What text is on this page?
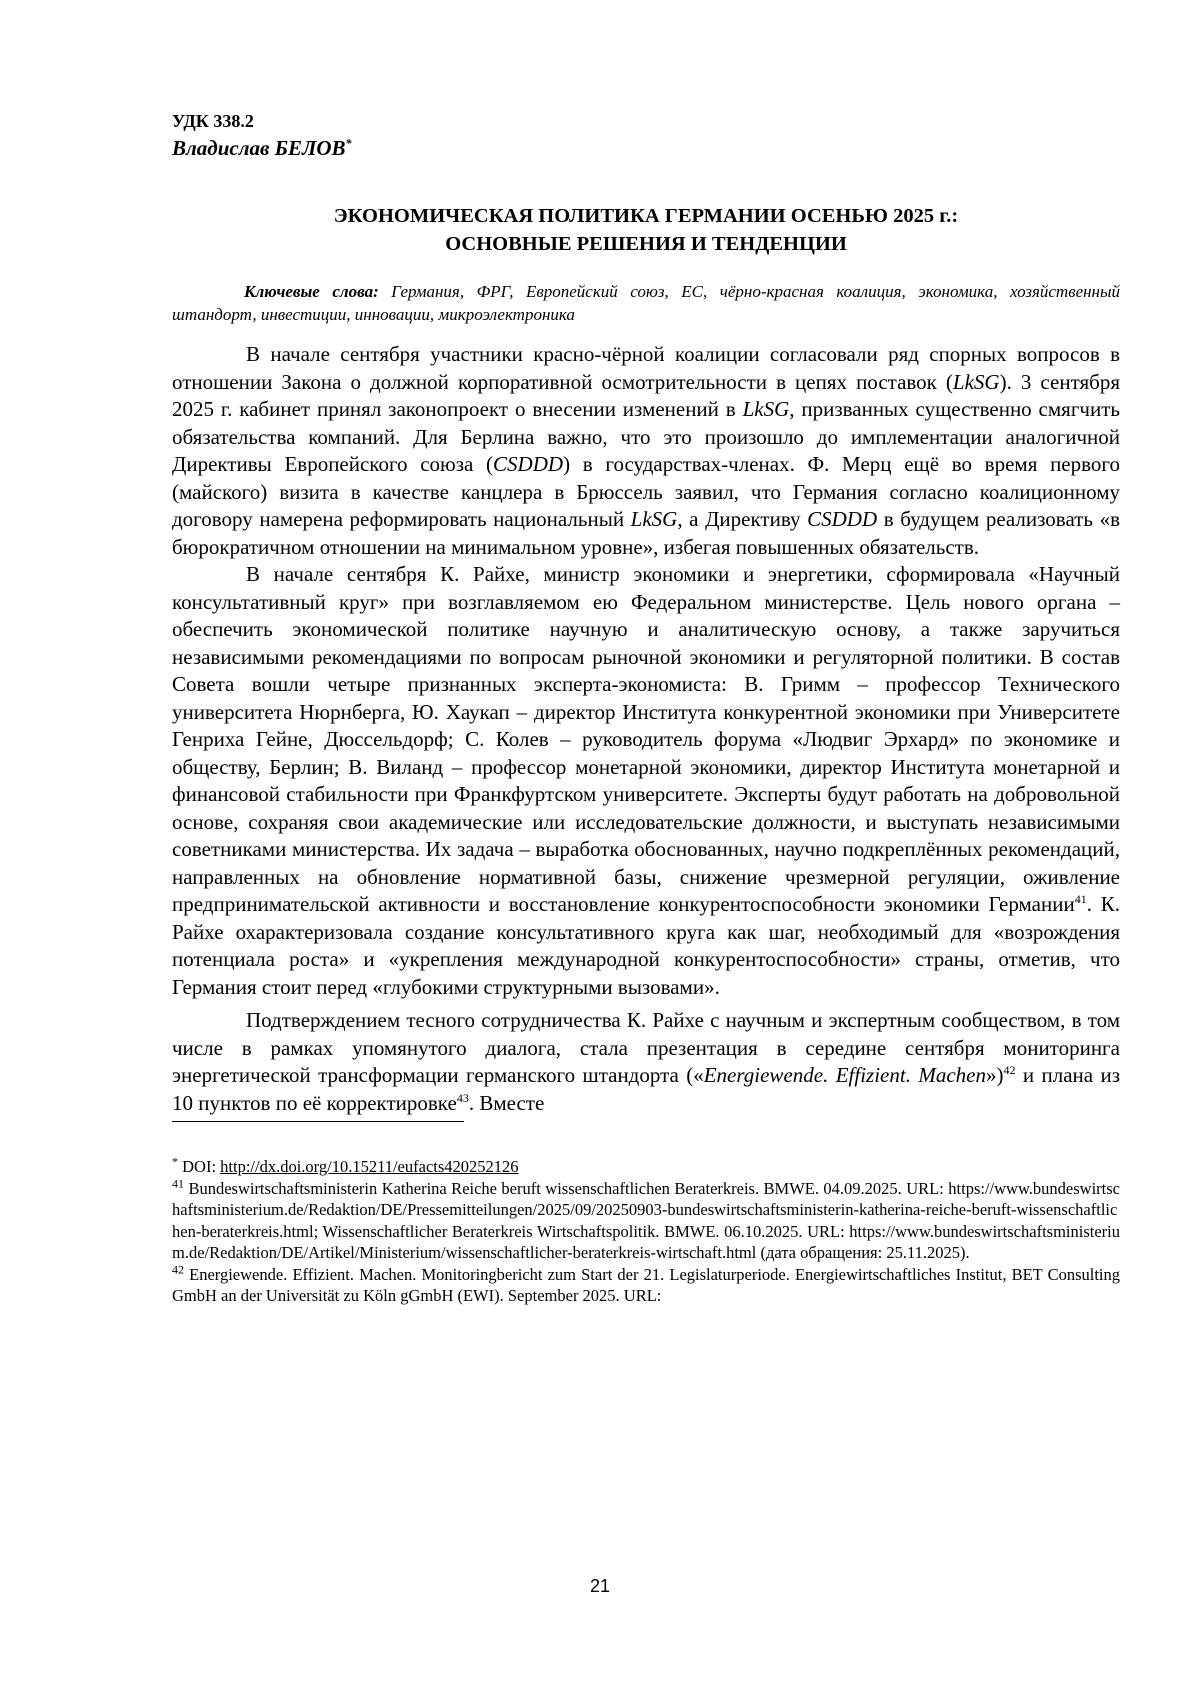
УДК 338.2
Владислав БЕЛОВ*
ЭКОНОМИЧЕСКАЯ ПОЛИТИКА ГЕРМАНИИ ОСЕНЬЮ 2025 г.:
ОСНОВНЫЕ РЕШЕНИЯ И ТЕНДЕНЦИИ
Ключевые слова: Германия, ФРГ, Европейский союз, ЕС, чёрно-красная коалиция, экономика, хозяйственный штандорт, инвестиции, инновации, микроэлектроника

В начале сентября участники красно-чёрной коалиции согласовали ряд спорных вопросов в отношении Закона о должной корпоративной осмотрительности в цепях поставок (LkSG). 3 сентября 2025 г. кабинет принял законопроект о внесении изменений в LkSG, призванных существенно смягчить обязательства компаний. Для Берлина важно, что это произошло до имплементации аналогичной Директивы Европейского союза (CSDDD) в государствах-членах. Ф. Мерц ещё во время первого (майского) визита в качестве канцлера в Брюссель заявил, что Германия согласно коалиционному договору намерена реформировать национальный LkSG, а Директиву CSDDD в будущем реализовать «в бюрократичном отношении на минимальном уровне», избегая повышенных обязательств.

В начале сентября К. Райхе, министр экономики и энергетики, сформировала «Научный консультативный круг» при возглавляемом ею Федеральном министерстве. Цель нового органа – обеспечить экономической политике научную и аналитическую основу, а также заручиться независимыми рекомендациями по вопросам рыночной экономики и регуляторной политики. В состав Совета вошли четыре признанных эксперта-экономиста: В. Гримм – профессор Технического университета Нюрнберга, Ю. Хаукап – директор Института конкурентной экономики при Университете Генриха Гейне, Дюссельдорф; С. Колев – руководитель форума «Людвиг Эрхард» по экономике и обществу, Берлин; В. Виланд – профессор монетарной экономики, директор Института монетарной и финансовой стабильности при Франкфуртском университете. Эксперты будут работать на добровольной основе, сохраняя свои академические или исследовательские должности, и выступать независимыми советниками министерства. Их задача – выработка обоснованных, научно подкреплённых рекомендаций, направленных на обновление нормативной базы, снижение чрезмерной регуляции, оживление предпринимательской активности и восстановление конкурентоспособности экономики Германии$^{41}$. К. Райхе охарактеризовала создание консультативного круга как шаг, необходимый для «возрождения потенциала роста» и «укрепления международной конкурентоспособности» страны, отметив, что Германия стоит перед «глубокими структурными вызовами».

Подтверждением тесного сотрудничества К. Райхе с научным и экспертным сообществом, в том числе в рамках упомянутого диалога, стала презентация в середине сентября мониторинга энергетической трансформации германского штандорта («Energiewende. Effizient. Machen»)$^{42}$ и плана из 10 пунктов по её корректировке$^{43}$. Вместе

* DOI: http://dx.doi.org/10.15211/eufacts420252126

$^{41}$ Bundeswirtschaftsministerin Katherina Reiche beruft wissenschaftlichen Beraterkreis. BMWE. 04.09.2025. URL: https://www.bundeswirtschaftsministerium.de/Redaktion/DE/Pressemitteilungen/2025/09/20250903-bundeswirtschaftsministerin-katherina-reiche-beruft-wissenschaftlichen-beraterkreis.html; Wissenschaftlicher Beraterkreis Wirtschaftspolitik. BMWE. 06.10.2025. URL: https://www.bundeswirtschaftsministerium.de/Redaktion/DE/Artikel/Ministerium/wissenschaftlicher-beraterkreis-wirtschaft.html (дата обращения: 25.11.2025).

$^{42}$ Energiewende. Effizient. Machen. Monitoringbericht zum Start der 21. Legislaturperiode. Energiewirtschaftliches Institut, BET Consulting GmbH an der Universität zu Köln gGmbH (EWI). September 2025. URL:

21
